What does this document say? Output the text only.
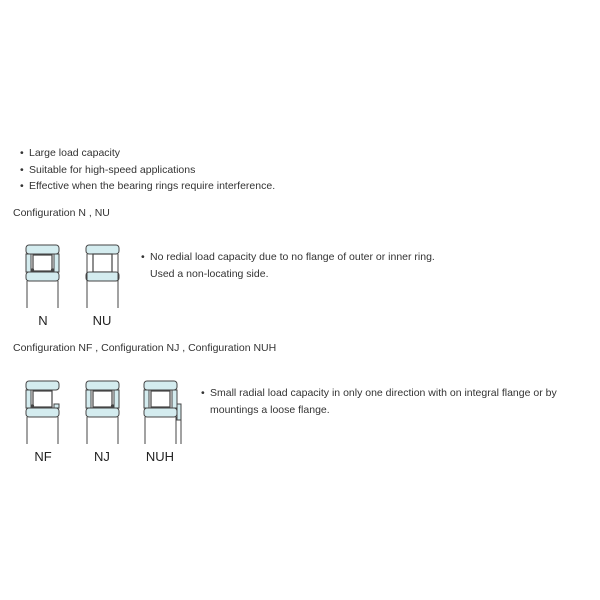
• Large load capacity
• Suitable for high-speed applications
• Effective when the bearing rings require interference.
Configuration N , NU
N	NU
• No redial load capacity due to no flange of outer or inner ring.
Used a non-locating side.
Configuration NF , Configuration NJ , Configuration NUH
NF	NJ	NUH
• Small radial load capacity in only one direction with on integral flange or by
mountings a loose flange.
